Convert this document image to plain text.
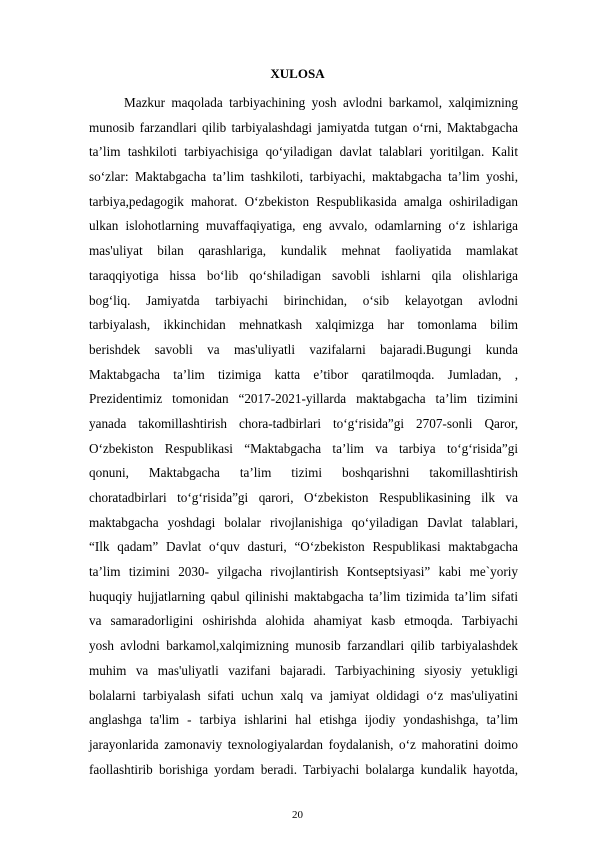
XULOSA
Mazkur maqolada tarbiyachining yosh avlodni barkamol, xalqimizning
munosib farzandlari qilib tarbiyalashdagi jamiyatda tutgan o‘rni, Maktabgacha
ta’lim tashkiloti tarbiyachisiga qo‘yiladigan davlat talablari yoritilgan. Kalit
so‘zlar: Maktabgacha ta’lim tashkiloti, tarbiyachi, maktabgacha ta’lim yoshi,
tarbiya,pedagogik mahorat. O‘zbekiston Respublikasida amalga oshiriladigan
ulkan islohotlarning muvaffaqiyatiga, eng avvalo, odamlarning o‘z ishlariga
mas'uliyat bilan qarashlariga, kundalik mehnat faoliyatida mamlakat
taraqqiyotiga hissa bo‘lib qo‘shiladigan savobli ishlarni qila olishlariga
bog‘liq. Jamiyatda tarbiyachi birinchidan, o‘sib kelayotgan avlodni
tarbiyalash, ikkinchidan mehnatkash xalqimizga har tomonlama bilim
berishdek savobli va mas'uliyatli vazifalarni bajaradi.Bugungi kunda
Maktabgacha ta’lim tizimiga katta e’tibor qaratilmoqda. Jumladan, ,
Prezidentimiz tomonidan “2017-2021-yillarda maktabgacha ta’lim tizimini
yanada takomillashtirish chora-tadbirlari to‘g‘risida”gi 2707-sonli Qaror,
O‘zbekiston Respublikasi “Maktabgacha ta’lim va tarbiya to‘g‘risida”gi
qonuni, Maktabgacha ta’lim tizimi boshqarishni takomillashtirish
choratadbirlari to‘g‘risida”gi qarori, O‘zbekiston Respublikasining ilk va
maktabgacha yoshdagi bolalar rivojlanishiga qo‘yiladigan Davlat talablari,
“Ilk qadam” Davlat o‘quv dasturi, “O‘zbekiston Respublikasi maktabgacha
ta’lim tizimini 2030- yilgacha rivojlantirish Kontseptsiyasi” kabi me`yoriy
huquqiy hujjatlarning qabul qilinishi maktabgacha ta’lim tizimida ta’lim sifati
va samaradorligini oshirishda alohida ahamiyat kasb etmoqda. Tarbiyachi
yosh avlodni barkamol,xalqimizning munosib farzandlari qilib tarbiyalashdek
muhim va mas'uliyatli vazifani bajaradi. Tarbiyachining siyosiy yetukligi
bolalarni tarbiyalash sifati uchun xalq va jamiyat oldidagi o‘z mas'uliyatini
anglashga ta'lim - tarbiya ishlarini hal etishga ijodiy yondashishga, ta’lim
jarayonlarida zamonaviy texnologiyalardan foydalanish, o‘z mahoratini doimo
faollashtirib borishiga yordam beradi. Tarbiyachi bolalarga kundalik hayotda,
20
